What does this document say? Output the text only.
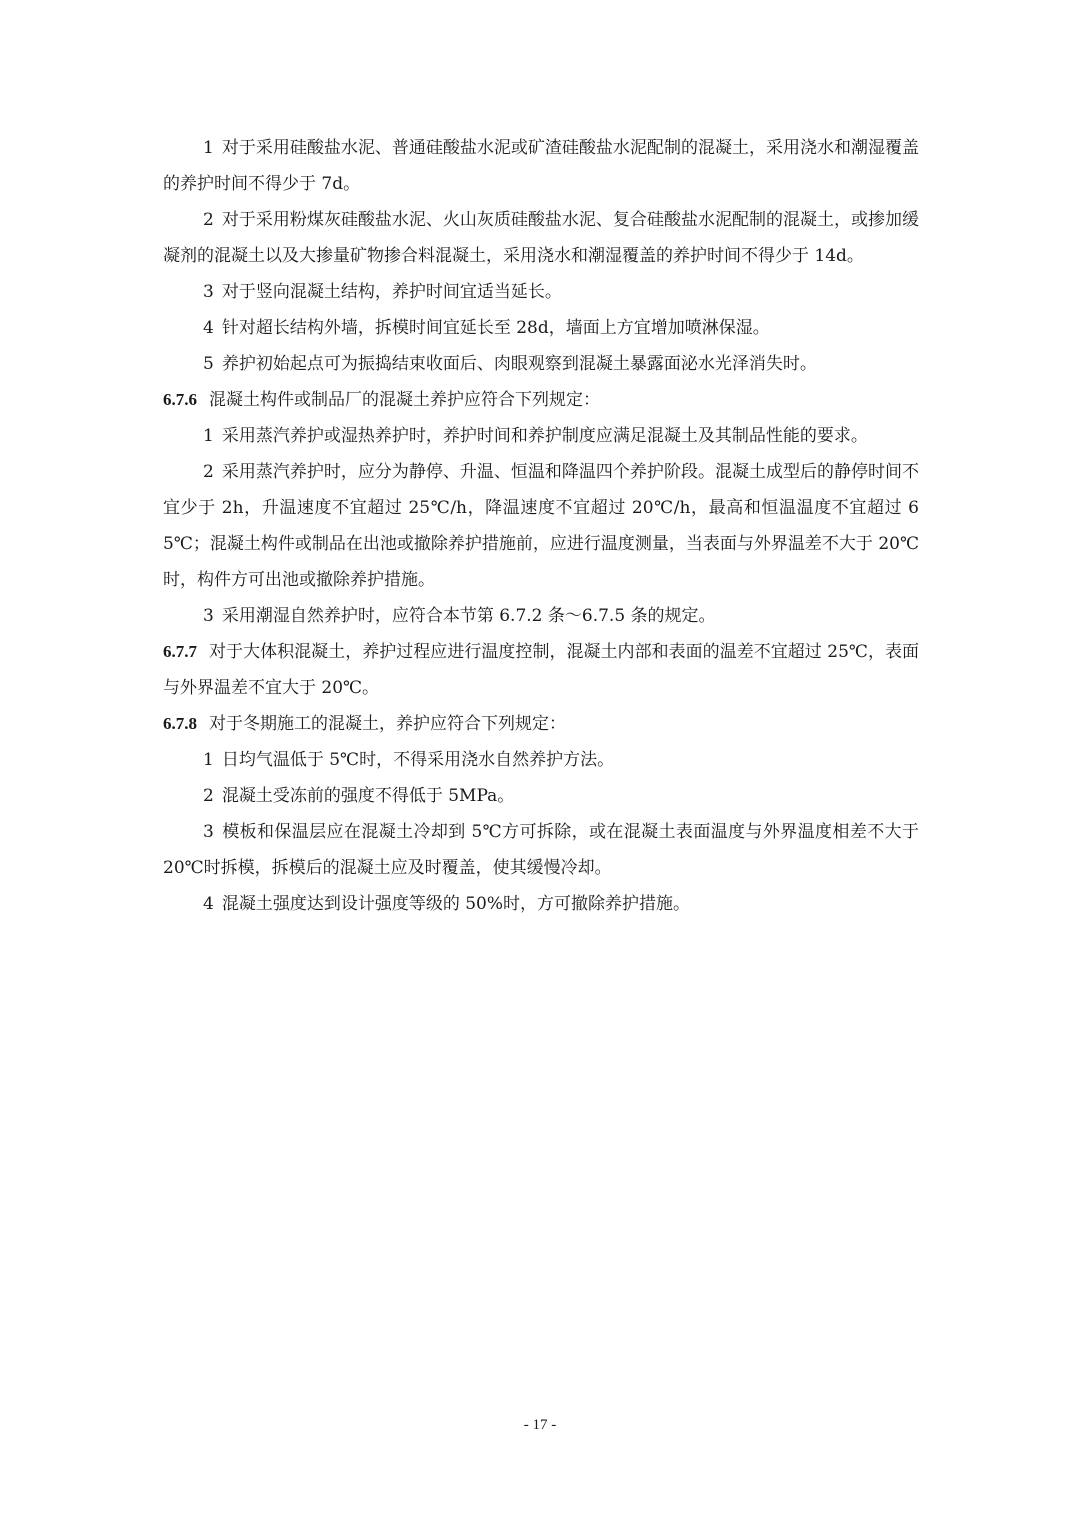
1 对于采用硅酸盐水泥、普通硅酸盐水泥或矿渣硅酸盐水泥配制的混凝土，采用浇水和潮湿覆盖的养护时间不得少于 7d。

2 对于采用粉煤灰硅酸盐水泥、火山灰质硅酸盐水泥、复合硅酸盐水泥配制的混凝土，或掺加缓凝剂的混凝土以及大掺量矿物掺合料混凝土，采用浇水和潮湿覆盖的养护时间不得少于 14d。

3 对于竖向混凝土结构，养护时间宜适当延长。

4 针对超长结构外墙，拆模时间宜延长至 28d，墙面上方宜增加喷淋保湿。

5 养护初始起点可为振捣结束收面后、肉眼观察到混凝土暴露面泌水光泽消失时。

6.7.6 混凝土构件或制品厂的混凝土养护应符合下列规定：

1 采用蒸汽养护或湿热养护时，养护时间和养护制度应满足混凝土及其制品性能的要求。

2 采用蒸汽养护时，应分为静停、升温、恒温和降温四个养护阶段。混凝土成型后的静停时间不宜少于 2h，升温速度不宜超过 25℃/h，降温速度不宜超过 20℃/h，最高和恒温温度不宜超过 65℃；混凝土构件或制品在出池或撤除养护措施前，应进行温度测量，当表面与外界温差不大于 20℃时，构件方可出池或撤除养护措施。

3 采用潮湿自然养护时，应符合本节第 6.7.2 条～6.7.5 条的规定。

6.7.7 对于大体积混凝土，养护过程应进行温度控制，混凝土内部和表面的温差不宜超过 25℃，表面与外界温差不宜大于 20℃。

6.7.8 对于冬期施工的混凝土，养护应符合下列规定：

1 日均气温低于 5℃时，不得采用浇水自然养护方法。

2 混凝土受冻前的强度不得低于 5MPa。

3 模板和保温层应在混凝土冷却到 5℃方可拆除，或在混凝土表面温度与外界温度相差不大于 20℃时拆模，拆模后的混凝土应及时覆盖，使其缓慢冷却。

4 混凝土强度达到设计强度等级的 50%时，方可撤除养护措施。

- 17 -
